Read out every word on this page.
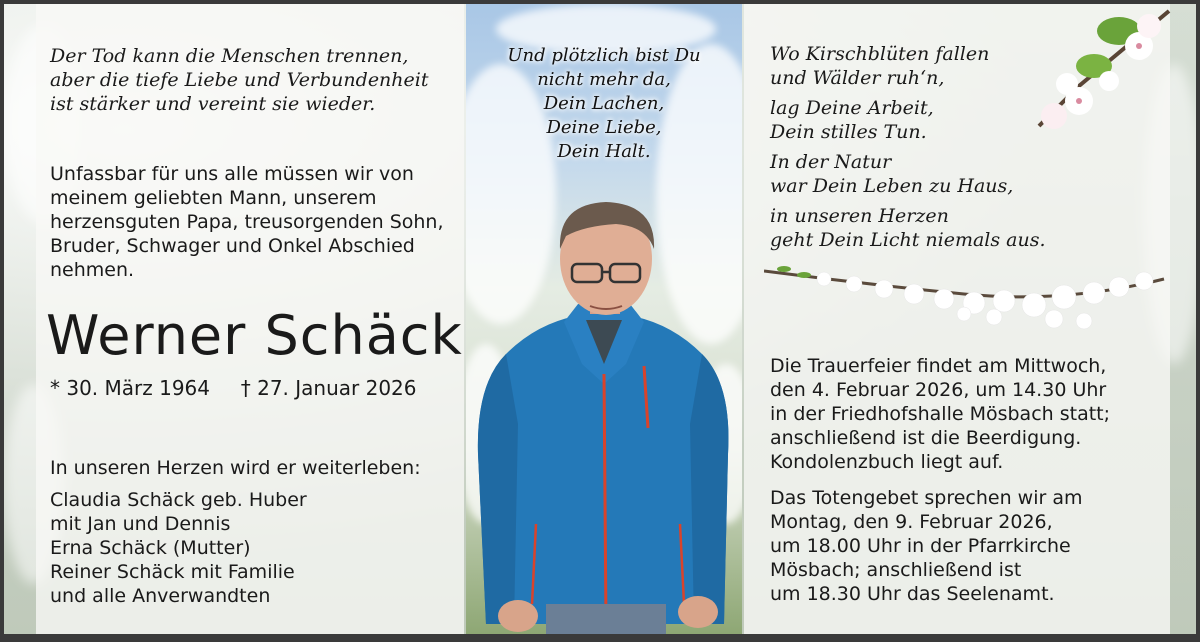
Der Tod kann die Menschen trennen,
aber die tiefe Liebe und Verbundenheit
ist stärker und vereint sie wieder.
Unfassbar für uns alle müssen wir von
meinem geliebten Mann, unserem
herzensguten Papa, treusorgenden Sohn,
Bruder, Schwager und Onkel Abschied
nehmen.
Werner Schäck
* 30. März 1964 † 27. Januar 2026
In unseren Herzen wird er weiterleben:
Claudia Schäck geb. Huber
mit Jan und Dennis
Erna Schäck (Mutter)
Reiner Schäck mit Familie
und alle Anverwandten
Und plötzlich bist Du
nicht mehr da,
Dein Lachen,
Deine Liebe,
Dein Halt.
Wo Kirschblüten fallen
und Wälder ruh‘n,
lag Deine Arbeit,
Dein stilles Tun.
In der Natur
war Dein Leben zu Haus,
in unseren Herzen
geht Dein Licht niemals aus.
Die Trauerfeier findet am Mittwoch,
den 4. Februar 2026, um 14.30 Uhr
in der Friedhofshalle Mösbach statt;
anschließend ist die Beerdigung.
Kondolenzbuch liegt auf.
Das Totengebet sprechen wir am
Montag, den 9. Februar 2026,
um 18.00 Uhr in der Pfarrkirche
Mösbach; anschließend ist
um 18.30 Uhr das Seelenamt.
